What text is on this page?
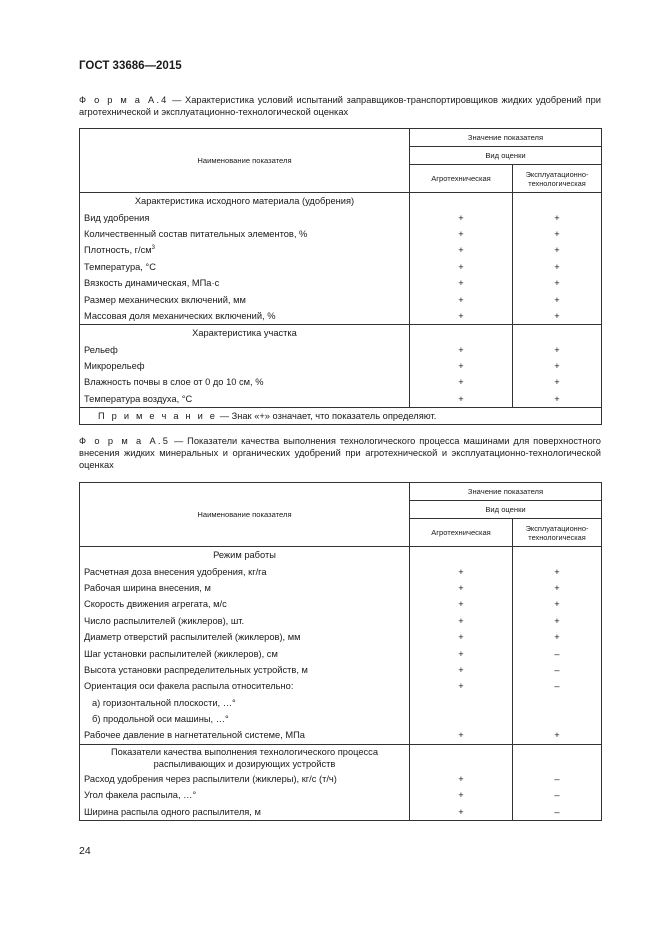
ГОСТ 33686—2015
Ф о р м а А.4 — Характеристика условий испытаний заправщиков-транспортировщиков жидких удобрений при агротехнической и эксплуатационно-технологической оценках
Наименование показателя	Значение показателя	
	Вид оценки	
	Агротехническая	Эксплуатационно-технологическая
Характеристика исходного материала (удобрения)		
Вид удобрения	+	+
Количественный состав питательных элементов, %	+	+
Плотность, $г/см^3$	+	+
Температура, °С	+	+
Вязкость динамическая, МПа·с	+	+
Размер механических включений, мм	+	+
Массовая доля механических включений, %	+	+
Характеристика участка		
Рельеф	+	+
Микрорельеф	+	+
Влажность почвы в слое от 0 до 10 см, %	+	+
Температура воздуха, °С	+	+
П р и м е ч а н и е — Знак «+» означает, что показатель определяют.		
Ф о р м а А.5 — Показатели качества выполнения технологического процесса машинами для поверхностного внесения жидких минеральных и органических удобрений при агротехнической и эксплуатационно-технологической оценках
Наименование показателя	Значение показателя	
	Вид оценки	
	Агротехническая	Эксплуатационно-технологическая
Режим работы		
Расчетная доза внесения удобрения, кг/га	+	+
Рабочая ширина внесения, м	+	+
Скорость движения агрегата, м/с	+	+
Число распылителей (жиклеров), шт.	+	+
Диаметр отверстий распылителей (жиклеров), мм	+	+
Шаг установки распылителей (жиклеров), см	+	–
Высота установки распределительных устройств, м	+	–
Ориентация оси факела распыла относительно:	+	–
а) горизонтальной плоскости, …°		
б) продольной оси машины, …°		
Рабочее давление в нагнетательной системе, МПа	+	+
Показатели качества выполнения технологического процесса распыливающих и дозирующих устройств		
Расход удобрения через распылители (жиклеры), кг/с (т/ч)	+	–
Угол факела распыла, …°	+	–
Ширина распыла одного распылителя, м	+	–
24
